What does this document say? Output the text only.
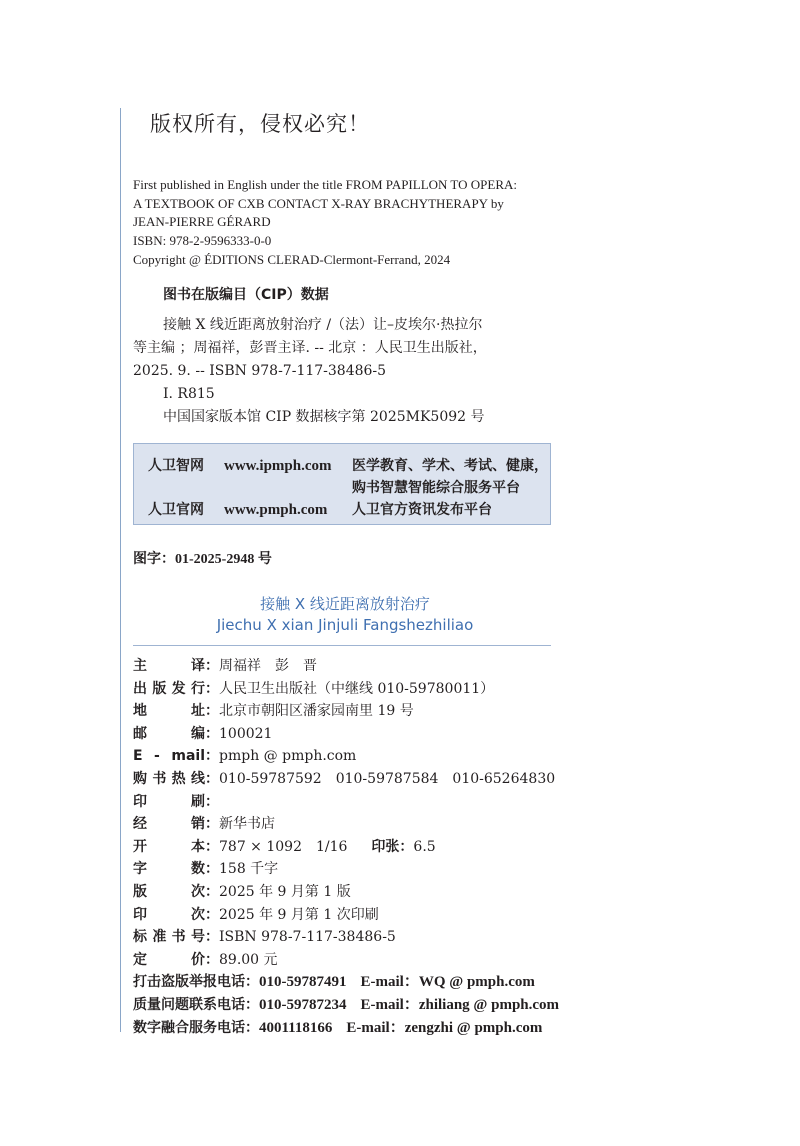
版权所有，侵权必究！
First published in English under the title FROM PAPILLON TO OPERA:
A TEXTBOOK OF CXB CONTACT X-RAY BRACHYTHERAPY by
JEAN-PIERRE GÉRARD
ISBN: 978-2-9596333-0-0
Copyright @ ÉDITIONS CLERAD-Clermont-Ferrand, 2024
图书在版编目（CIP）数据
接触 X 线近距离放射治疗 /（法）让–皮埃尔·热拉尔
等主编 ；周福祥，彭晋主译. -- 北京 ：人民卫生出版社，
2025. 9. -- ISBN 978-7-117-38486-5
Ⅰ. R815
中国国家版本馆 CIP 数据核字第 2025MK5092 号
人卫智网 www.ipmph.com 医学教育、学术、考试、健康，
购书智慧智能综合服务平台
人卫官网 www.pmph.com 人卫官方资讯发布平台
图字：01-2025-2948 号
接触 X 线近距离放射治疗
Jiechu X xian Jinjuli Fangshezhiliao
主 译：周福祥　彭　晋
出版发行：人民卫生出版社（中继线 010-59780011）
地 址：北京市朝阳区潘家园南里 19 号
邮 编：100021
E - mail：pmph @ pmph.com
购书热线：010-59787592　010-59787584　010-65264830
印 刷：
经 销：新华书店
开 本：787 × 1092　1/16 印张：6.5
字 数：158 千字
版 次：2025 年 9 月第 1 版
印 次：2025 年 9 月第 1 次印刷
标准书号：ISBN 978-7-117-38486-5
定 价：89.00 元
打击盗版举报电话：010-59787491 E-mail：WQ @ pmph.com
质量问题联系电话：010-59787234 E-mail：zhiliang @ pmph.com
数字融合服务电话：4001118166 E-mail：zengzhi @ pmph.com
